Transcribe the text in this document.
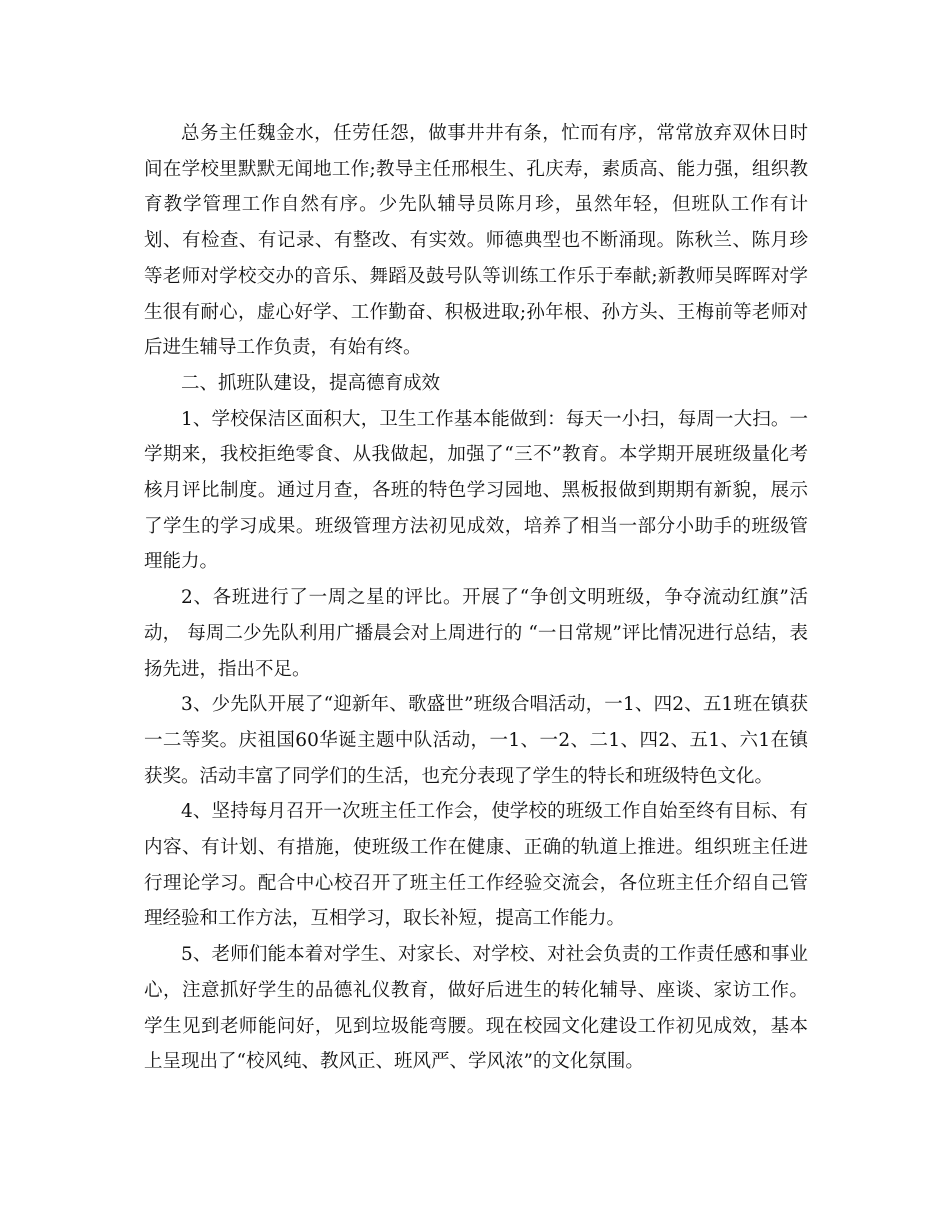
总务主任魏金水，任劳任怨，做事井井有条，忙而有序，常常放弃双休日时间在学校里默默无闻地工作;教导主任邢根生、孔庆寿，素质高、能力强，组织教育教学管理工作自然有序。少先队辅导员陈月珍，虽然年轻，但班队工作有计划、有检查、有记录、有整改、有实效。师德典型也不断涌现。陈秋兰、陈月珍等老师对学校交办的音乐、舞蹈及鼓号队等训练工作乐于奉献;新教师吴晖晖对学生很有耐心，虚心好学、工作勤奋、积极进取;孙年根、孙方头、王梅前等老师对后进生辅导工作负责，有始有终。

二、抓班队建设，提高德育成效

1、学校保洁区面积大，卫生工作基本能做到：每天一小扫，每周一大扫。一学期来，我校拒绝零食、从我做起，加强了“三不”教育。本学期开展班级量化考核月评比制度。通过月查，各班的特色学习园地、黑板报做到期期有新貌，展示了学生的学习成果。班级管理方法初见成效，培养了相当一部分小助手的班级管理能力。

2、各班进行了一周之星的评比。开展了“争创文明班级，争夺流动红旗”活动， 每周二少先队利用广播晨会对上周进行的 “一日常规”评比情况进行总结，表扬先进，指出不足。

3、少先队开展了“迎新年、歌盛世”班级合唱活动，一1、四2、五1班在镇获一二等奖。庆祖国60华诞主题中队活动，一1、一2、二1、四2、五1、六1在镇获奖。活动丰富了同学们的生活，也充分表现了学生的特长和班级特色文化。

4、坚持每月召开一次班主任工作会，使学校的班级工作自始至终有目标、有内容、有计划、有措施，使班级工作在健康、正确的轨道上推进。组织班主任进行理论学习。配合中心校召开了班主任工作经验交流会，各位班主任介绍自己管理经验和工作方法，互相学习，取长补短，提高工作能力。

5、老师们能本着对学生、对家长、对学校、对社会负责的工作责任感和事业心，注意抓好学生的品德礼仪教育，做好后进生的转化辅导、座谈、家访工作。学生见到老师能问好，见到垃圾能弯腰。现在校园文化建设工作初见成效，基本上呈现出了“校风纯、教风正、班风严、学风浓”的文化氛围。
